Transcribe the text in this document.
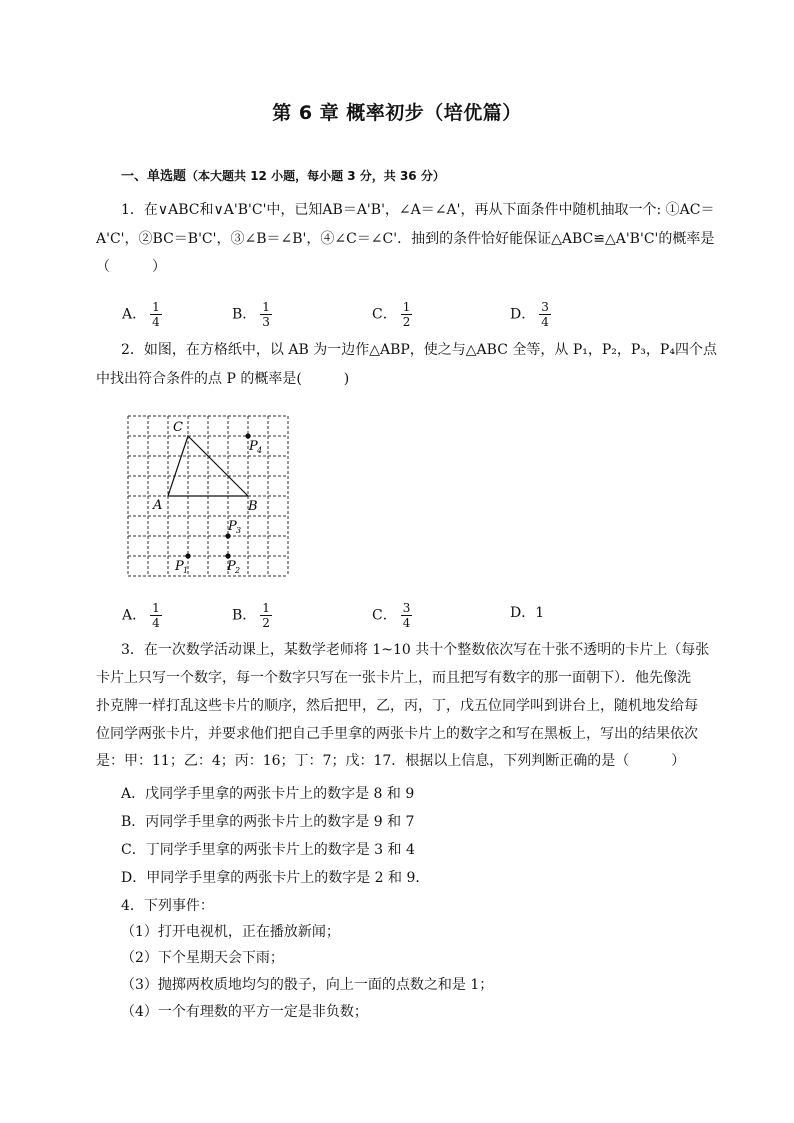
第 6 章 概率初步（培优篇）
一、单选题（本大题共 12 小题，每小题 3 分，共 36 分）
1．在∨ABC和∨A'B'C'中，已知AB＝A'B'，∠A＝∠A'，再从下面条件中随机抽取一个: ①AC＝
A'C'，②BC＝B'C'，③∠B＝∠B'，④∠C＝∠C'．抽到的条件恰好能保证△ABC≌△A'B'C'的概率是
（　　　）
A． $\frac{1}{4}$	B． $\frac{1}{3}$	C． $\frac{1}{2}$	D． $\frac{3}{4}$
2．如图，在方格纸中，以 AB 为一边作△ABP，使之与△ABC 全等，从 P₁，P₂，P₃，P₄四个点
中找出符合条件的点 P 的概率是(　　　)
C
A	B
P 4
P 3
P 1	P 2
A． $\frac{1}{4}$	B． $\frac{1}{2}$	C． $\frac{3}{4}$	D．1
3．在一次数学活动课上，某数学老师将 1~10 共十个整数依次写在十张不透明的卡片上（每张
卡片上只写一个数字，每一个数字只写在一张卡片上，而且把写有数字的那一面朝下）．他先像洗
扑克牌一样打乱这些卡片的顺序，然后把甲，乙，丙，丁，戊五位同学叫到讲台上，随机地发给每
位同学两张卡片，并要求他们把自己手里拿的两张卡片上的数字之和写在黑板上，写出的结果依次
是：甲：11；乙：4；丙：16；丁：7；戊：17．根据以上信息，下列判断正确的是（　　　）
A．戊同学手里拿的两张卡片上的数字是 8 和 9
B．丙同学手里拿的两张卡片上的数字是 9 和 7
C．丁同学手里拿的两张卡片上的数字是 3 和 4
D．甲同学手里拿的两张卡片上的数字是 2 和 9．
4．下列事件：
（1）打开电视机，正在播放新闻；
（2）下个星期天会下雨；
（3）抛掷两枚质地均匀的骰子，向上一面的点数之和是 1；
（4）一个有理数的平方一定是非负数；
